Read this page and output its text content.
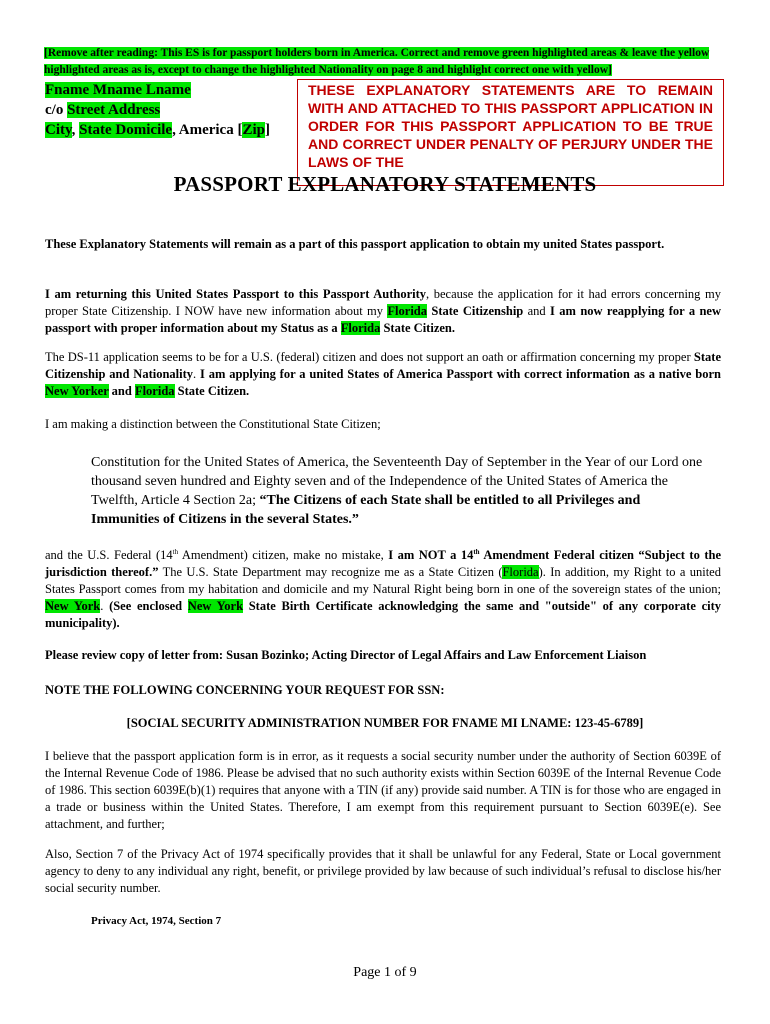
[Remove after reading: This ES is for passport holders born in America. Correct and remove green highlighted areas & leave the yellow highlighted areas as is, except to change the highlighted Nationality on page 8 and highlight correct one with yellow]
Fname Mname Lname
c/o Street Address
City, State Domicile, America [Zip]

THESE EXPLANATORY STATEMENTS ARE TO REMAIN WITH AND ATTACHED TO THIS PASSPORT APPLICATION IN ORDER FOR THIS PASSPORT APPLICATION TO BE TRUE AND CORRECT UNDER PENALTY OF PERJURY UNDER THE LAWS OF THE

PASSPORT EXPLANATORY STATEMENTS
These Explanatory Statements will remain as a part of this passport application to obtain my united States passport.
I am returning this United States Passport to this Passport Authority, because the application for it had errors concerning my proper State Citizenship. I NOW have new information about my Florida State Citizenship and I am now reapplying for a new passport with proper information about my Status as a Florida State Citizen.
The DS-11 application seems to be for a U.S. (federal) citizen and does not support an oath or affirmation concerning my proper State Citizenship and Nationality. I am applying for a united States of America Passport with correct information as a native born New Yorker and Florida State Citizen.
I am making a distinction between the Constitutional State Citizen;
Constitution for the United States of America, the Seventeenth Day of September in the Year of our Lord one thousand seven hundred and Eighty seven and of the Independence of the United States of America the Twelfth, Article 4 Section 2a; “The Citizens of each State shall be entitled to all Privileges and Immunities of Citizens in the several States.”
and the U.S. Federal (14th Amendment) citizen, make no mistake, I am NOT a 14th Amendment Federal citizen “Subject to the jurisdiction thereof.” The U.S. State Department may recognize me as a State Citizen (Florida). In addition, my Right to a united States Passport comes from my habitation and domicile and my Natural Right being born in one of the sovereign states of the union; New York. (See enclosed New York State Birth Certificate acknowledging the same and "outside" of any corporate city municipality).
Please review copy of letter from: Susan Bozinko; Acting Director of Legal Affairs and Law Enforcement Liaison
NOTE THE FOLLOWING CONCERNING YOUR REQUEST FOR SSN:
[SOCIAL SECURITY ADMINISTRATION NUMBER FOR FNAME MI LNAME: 123-45-6789]
I believe that the passport application form is in error, as it requests a social security number under the authority of Section 6039E of the Internal Revenue Code of 1986. Please be advised that no such authority exists within Section 6039E of the Internal Revenue Code of 1986. This section 6039E(b)(1) requires that anyone with a TIN (if any) provide said number. A TIN is for those who are engaged in a trade or business within the United States. Therefore, I am exempt from this requirement pursuant to Section 6039E(e). See attachment, and further;
Also, Section 7 of the Privacy Act of 1974 specifically provides that it shall be unlawful for any Federal, State or Local government agency to deny to any individual any right, benefit, or privilege provided by law because of such individual’s refusal to disclose his/her social security number.
Privacy Act, 1974, Section 7
Page 1 of 9
